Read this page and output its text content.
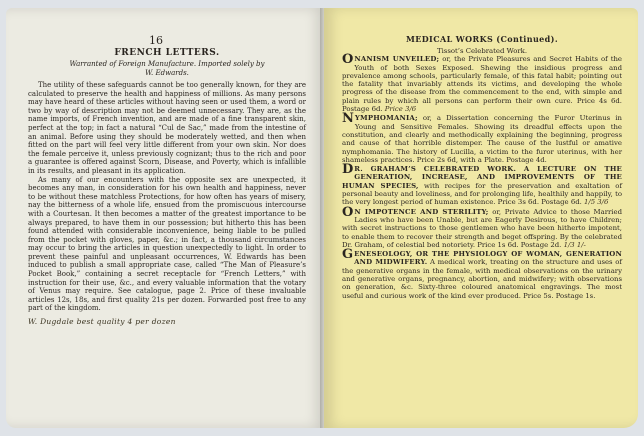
16
FRENCH LETTERS.
Warranted of Foreign Manufacture. Imported solely by
W. Edwards.

The utility of these safeguards cannot be too generally known, for they are calculated to preserve the health and happiness of millions. As many persons may have heard of these articles without having seen or used them, a word or two by way of description may not be deemed unnecessary. They are, as the name imports, of French invention, and are made of a fine transparent skin, perfect at the top; in fact a natural “Cul de Sac,” made from the intestine of an animal. Before using they should be moderately wetted, and then when fitted on the part will feel very little different from your own skin. Nor does the female perceive it, unless previously cognizant; thus to the rich and poor a guarantee is offered against Scorn, Disease, and Poverty, which is infallible in its results, and pleasant in its application.

As many of our encounters with the opposite sex are unexpected, it becomes any man, in consideration for his own health and happiness, never to be without these matchless Protections, for how often has years of misery, nay the bitterness of a whole life, ensued from the promiscuous intercourse with a Courtesan. It then becomes a matter of the greatest importance to be always prepared, to have them in our possession; but hitherto this has been found attended with considerable inconvenience, being liable to be pulled from the pocket with gloves, paper, &c.; in fact, a thousand circumstances may occur to bring the articles in question unexpectedly to light. In order to prevent these painful and unpleasant occurrences, W. Edwards has been induced to publish a small appropriate case, called “The Man of Pleasure’s Pocket Book,” containing a secret receptacle for “French Letters,” with instruction for their use, &c., and every valuable information that the votary of Venus may require. See catalogue, page 2. Price of these invaluable articles 12s, 18s, and first quality 21s per dozen. Forwarded post free to any part of the kingdom.

W. Dugdale best quality 4 per dozen
MEDICAL WORKS (Continued).
Tissot’s Celebrated Work.

ONANISM UNVEILED; or, the Private Pleasures and Secret Habits of the Youth of both Sexes Exposed. Shewing the insidious progress and prevalence among schools, particularly female, of this fatal habit; pointing out the fatality that invariably attends its victims, and developing the whole progress of the disease from the commencement to the end, with simple and plain rules by which all persons can perform their own cure. Price 4s 6d. Postage 6d. Price 3/6

NYMPHOMANIA; or, a Dissertation concerning the Furor Uterinus in Young and Sensitive Females. Showing its dreadful effects upon the constitution, and clearly and methodically explaining the beginning, progress and cause of that horrible distemper. The cause of the lustful or amative nymphomania. The history of Lucilla, a victim to the furor uterinus, with her shameless practices. Price 2s 6d, with a Plate. Postage 4d.

D R. GRAHAM’S CELEBRATED WORK. A LECTURE ON THE GENERATION, INCREASE, AND IMPROVEMENTS OF THE HUMAN SPECIES, with recipes for the preservation and exaltation of personal beauty and loveliness, and for prolonging life, healthily and happily, to the very longest period of human existence. Price 3s 6d. Postage 6d. 1/5 3/6

O N IMPOTENCE AND STERILITY; or, Private Advice to those Married Ladies who have been Unable, but are Eagerly Desirous, to have Children; with secret instructions to those gentlemen who have been hitherto impotent, to enable them to recover their strength and beget offspring. By the celebrated Dr. Graham, of celestial bed notoriety. Price 1s 6d. Postage 2d. 1/3 1/-

GENESEOLOGY, OR THE PHYSIOLOGY OF WOMAN, GENERATION AND MIDWIFERY. A medical work, treating on the structure and uses of the generative organs in the female, with medical observations on the urinary and generative organs, pregnancy, abortion, and midwifery; with observations on generation, &c. Sixty-three coloured anatomical engravings. The most useful and curious work of the kind ever produced. Price 5s. Postage 1s.
